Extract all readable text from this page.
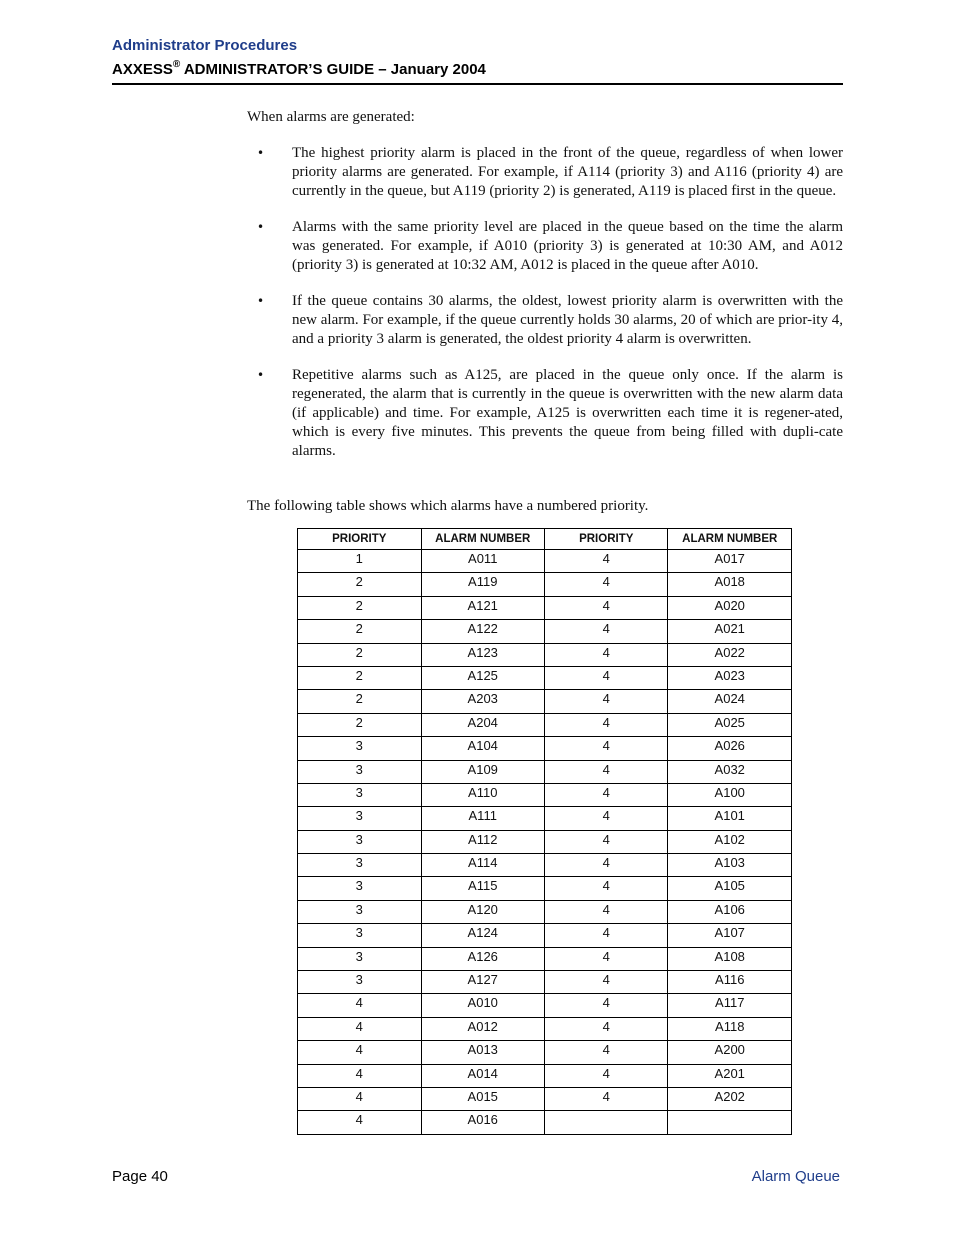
Administrator Procedures
AXXESS® ADMINISTRATOR’S GUIDE – January 2004
When alarms are generated:
• The highest priority alarm is placed in the front of the queue, regardless of when lower priority alarms are generated. For example, if A114 (priority 3) and A116 (priority 4) are currently in the queue, but A119 (priority 2) is generated, A119 is placed first in the queue.
• Alarms with the same priority level are placed in the queue based on the time the alarm was generated. For example, if A010 (priority 3) is generated at 10:30 AM, and A012 (priority 3) is generated at 10:32 AM, A012 is placed in the queue after A010.
• If the queue contains 30 alarms, the oldest, lowest priority alarm is overwritten with the new alarm. For example, if the queue currently holds 30 alarms, 20 of which are prior-ity 4, and a priority 3 alarm is generated, the oldest priority 4 alarm is overwritten.
• Repetitive alarms such as A125, are placed in the queue only once. If the alarm is regenerated, the alarm that is currently in the queue is overwritten with the new alarm data (if applicable) and time. For example, A125 is overwritten each time it is regener-ated, which is every five minutes. This prevents the queue from being filled with dupli-cate alarms.
The following table shows which alarms have a numbered priority.
PRIORITY	ALARM NUMBER	PRIORITY	ALARM NUMBER
1	A011	4	A017
2	A119	4	A018
2	A121	4	A020
2	A122	4	A021
2	A123	4	A022
2	A125	4	A023
2	A203	4	A024
2	A204	4	A025
3	A104	4	A026
3	A109	4	A032
3	A110	4	A100
3	A111	4	A101
3	A112	4	A102
3	A114	4	A103
3	A115	4	A105
3	A120	4	A106
3	A124	4	A107
3	A126	4	A108
3	A127	4	A116
4	A010	4	A117
4	A012	4	A118
4	A013	4	A200
4	A014	4	A201
4	A015	4	A202
4	A016		
Page 40	Alarm Queue
